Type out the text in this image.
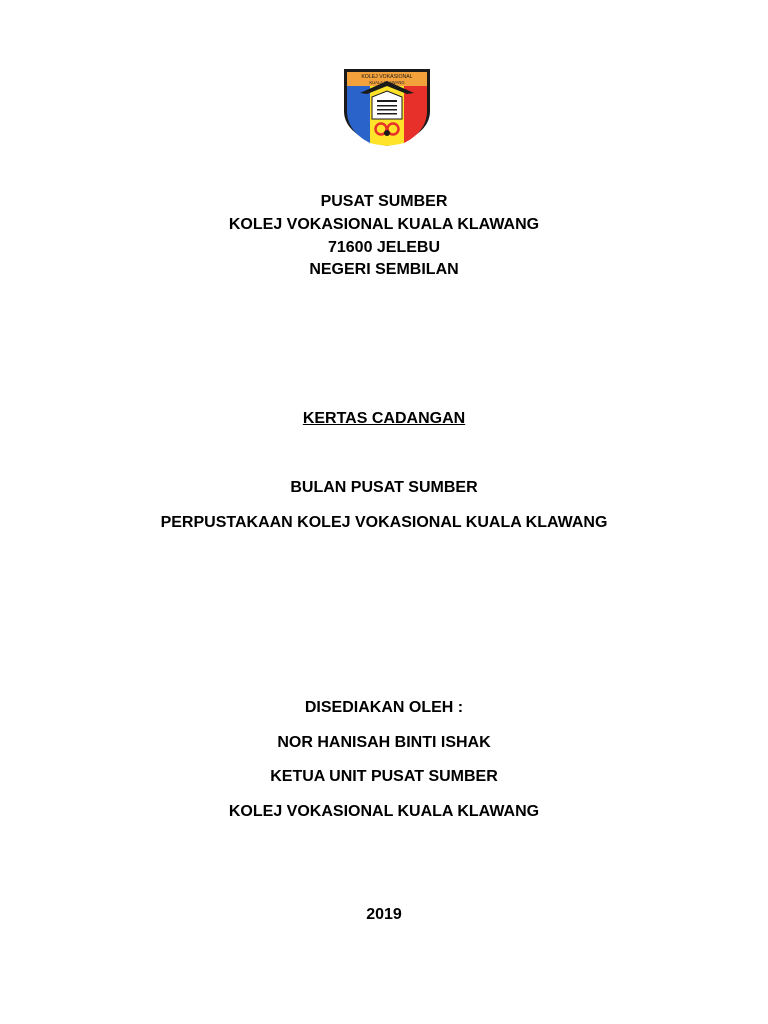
KOLEJ VOKASIONAL
KUALA KLAWANG
PUSAT SUMBER
KOLEJ VOKASIONAL KUALA KLAWANG
71600 JELEBU
NEGERI SEMBILAN
KERTAS CADANGAN
BULAN PUSAT SUMBER
PERPUSTAKAAN KOLEJ VOKASIONAL KUALA KLAWANG
DISEDIAKAN OLEH :
NOR HANISAH BINTI ISHAK
KETUA UNIT PUSAT SUMBER
KOLEJ VOKASIONAL KUALA KLAWANG
2019
